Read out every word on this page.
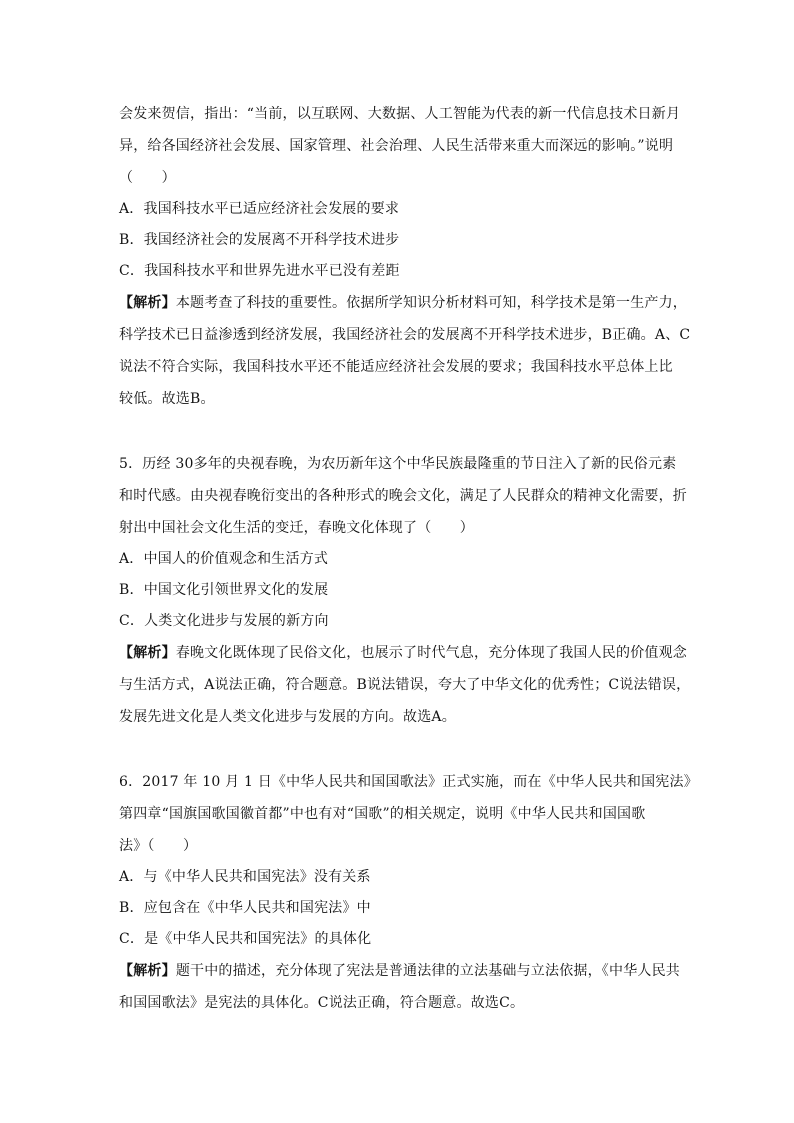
会发来贺信，指出：“当前，以互联网、大数据、人工智能为代表的新一代信息技术日新月
异，给各国经济社会发展、国家管理、社会治理、人民生活带来重大而深远的影响。”说明
（　　）
A．我国科技水平已适应经济社会发展的要求
B．我国经济社会的发展离不开科学技术进步
C．我国科技水平和世界先进水平已没有差距
【解析】本题考查了科技的重要性。依据所学知识分析材料可知，科学技术是第一生产力，
科学技术已日益渗透到经济发展，我国经济社会的发展离不开科学技术进步，B正确。A、C
说法不符合实际，我国科技水平还不能适应经济社会发展的要求；我国科技水平总体上比
较低。故选B。
5．历经 30多年的央视春晚，为农历新年这个中华民族最隆重的节日注入了新的民俗元素
和时代感。由央视春晚衍变出的各种形式的晚会文化，满足了人民群众的精神文化需要，折
射出中国社会文化生活的变迁，春晚文化体现了（　　）
A．中国人的价值观念和生活方式
B．中国文化引领世界文化的发展
C．人类文化进步与发展的新方向
【解析】春晚文化既体现了民俗文化，也展示了时代气息，充分体现了我国人民的价值观念
与生活方式，A说法正确，符合题意。B说法错误，夸大了中华文化的优秀性；C说法错误，
发展先进文化是人类文化进步与发展的方向。故选A。
6．2017 年 10 月 1 日《中华人民共和国国歌法》正式实施，而在《中华人民共和国宪法》
第四章“国旗国歌国徽首都”中也有对“国歌”的相关规定，说明《中华人民共和国国歌
法》（　　）
A．与《中华人民共和国宪法》没有关系
B．应包含在《中华人民共和国宪法》中
C．是《中华人民共和国宪法》的具体化
【解析】题干中的描述，充分体现了宪法是普通法律的立法基础与立法依据，《中华人民共
和国国歌法》是宪法的具体化。C说法正确，符合题意。故选C。
